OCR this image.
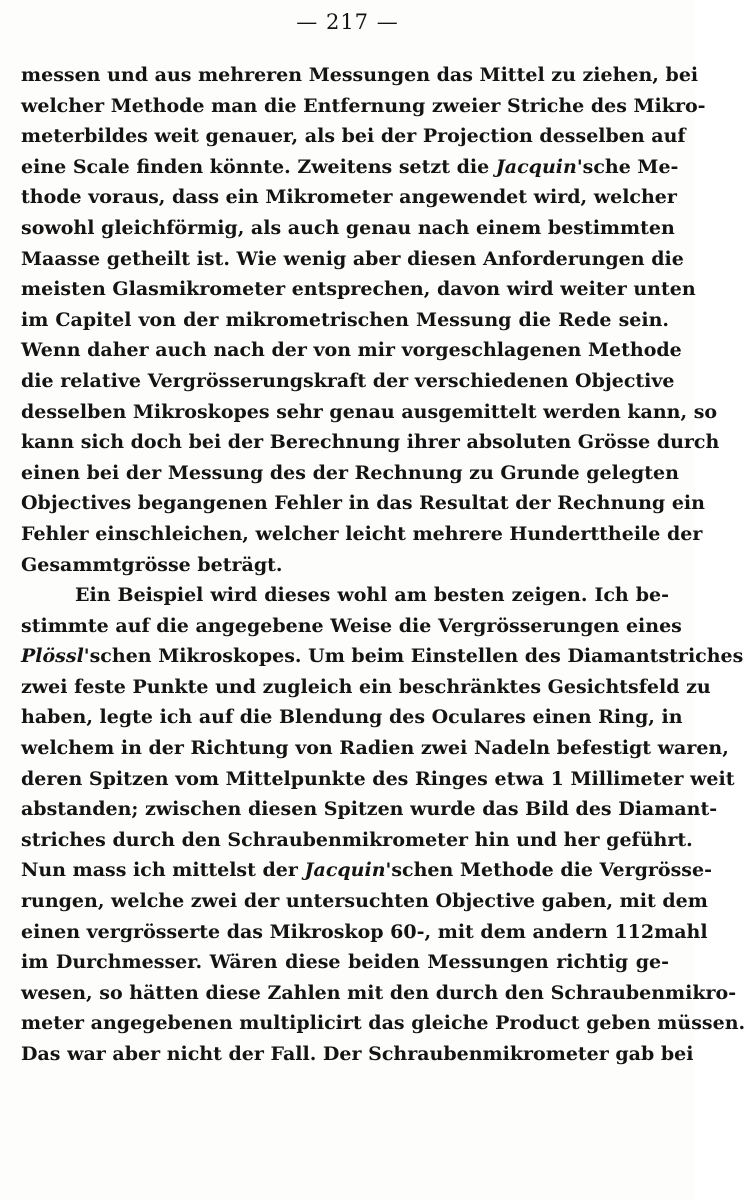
— 217 —
messen und aus mehreren Messungen das Mittel zu ziehen, bei
welcher Methode man die Entfernung zweier Striche des Mikro-
meterbildes weit genauer, als bei der Projection desselben auf
eine Scale finden könnte. Zweitens setzt die Jacquin'sche Me-
thode voraus, dass ein Mikrometer angewendet wird, welcher
sowohl gleichförmig, als auch genau nach einem bestimmten
Maasse getheilt ist. Wie wenig aber diesen Anforderungen die
meisten Glasmikrometer entsprechen, davon wird weiter unten
im Capitel von der mikrometrischen Messung die Rede sein.
Wenn daher auch nach der von mir vorgeschlagenen Methode
die relative Vergrösserungskraft der verschiedenen Objective
desselben Mikroskopes sehr genau ausgemittelt werden kann, so
kann sich doch bei der Berechnung ihrer absoluten Grösse durch
einen bei der Messung des der Rechnung zu Grunde gelegten
Objectives begangenen Fehler in das Resultat der Rechnung ein
Fehler einschleichen, welcher leicht mehrere Hunderttheile der
Gesammtgrösse beträgt.
Ein Beispiel wird dieses wohl am besten zeigen. Ich be-
stimmte auf die angegebene Weise die Vergrösserungen eines
Plössl'schen Mikroskopes. Um beim Einstellen des Diamantstriches
zwei feste Punkte und zugleich ein beschränktes Gesichtsfeld zu
haben, legte ich auf die Blendung des Oculares einen Ring, in
welchem in der Richtung von Radien zwei Nadeln befestigt waren,
deren Spitzen vom Mittelpunkte des Ringes etwa 1 Millimeter weit
abstanden; zwischen diesen Spitzen wurde das Bild des Diamant-
striches durch den Schraubenmikrometer hin und her geführt.
Nun mass ich mittelst der Jacquin'schen Methode die Vergrösse-
rungen, welche zwei der untersuchten Objective gaben, mit dem
einen vergrösserte das Mikroskop 60-, mit dem andern 112mahl
im Durchmesser. Wären diese beiden Messungen richtig ge-
wesen, so hätten diese Zahlen mit den durch den Schraubenmikro-
meter angegebenen multiplicirt das gleiche Product geben müssen.
Das war aber nicht der Fall. Der Schraubenmikrometer gab bei
